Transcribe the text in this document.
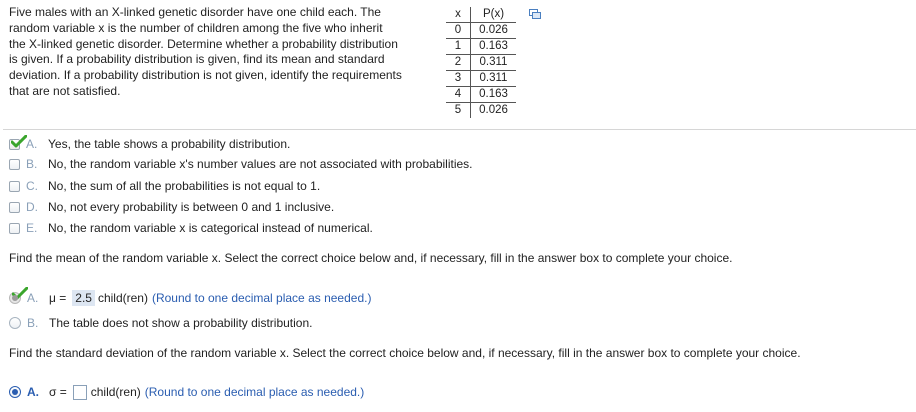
Five males with an X-linked genetic disorder have one child each. The
random variable x is the number of children among the five who inherit
the X-linked genetic disorder. Determine whether a probability distribution
is given. If a probability distribution is given, find its mean and standard
deviation. If a probability distribution is not given, identify the requirements
that are not satisfied.
x	P(x)
0	0.026
1	0.163
2	0.311
3	0.311
4	0.163
5	0.026
A. Yes, the table shows a probability distribution.
B. No, the random variable x's number values are not associated with probabilities.
C. No, the sum of all the probabilities is not equal to 1.
D. No, not every probability is between 0 and 1 inclusive.
E. No, the random variable x is categorical instead of numerical.
Find the mean of the random variable x. Select the correct choice below and, if necessary, fill in the answer box to complete your choice.
A. μ = 2.5 child(ren) (Round to one decimal place as needed.)
B. The table does not show a probability distribution.
Find the standard deviation of the random variable x. Select the correct choice below and, if necessary, fill in the answer box to complete your choice.
A. σ = child(ren) (Round to one decimal place as needed.)
